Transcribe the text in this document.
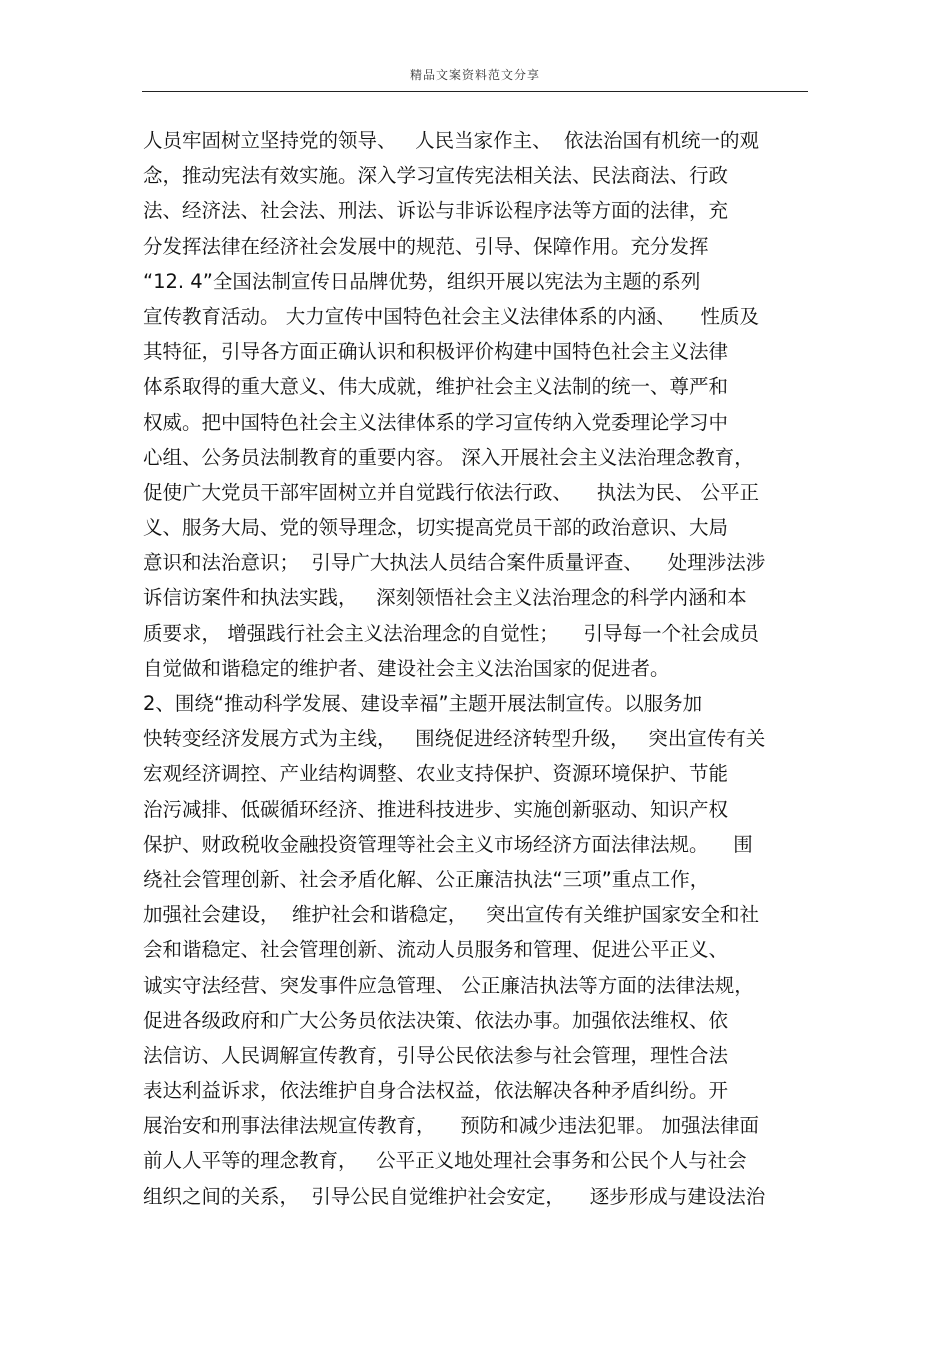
精品文案资料范文分享
人员牢固树立坚持党的领导、   人民当家作主、  依法治国有机统一的观
念，推动宪法有效实施。深入学习宣传宪法相关法、民法商法、行政
法、经济法、社会法、刑法、诉讼与非诉讼程序法等方面的法律，充
分发挥法律在经济社会发展中的规范、引导、保障作用。充分发挥
“12. 4”全国法制宣传日品牌优势，组织开展以宪法为主题的系列
宣传教育活动。 大力宣传中国特色社会主义法律体系的内涵、    性质及
其特征，引导各方面正确认识和积极评价构建中国特色社会主义法律
体系取得的重大意义、伟大成就，维护社会主义法制的统一、尊严和
权威。把中国特色社会主义法律体系的学习宣传纳入党委理论学习中
心组、公务员法制教育的重要内容。 深入开展社会主义法治理念教育，
促使广大党员干部牢固树立并自觉践行依法行政、    执法为民、 公平正
义、服务大局、党的领导理念，切实提高党员干部的政治意识、大局
意识和法治意识；  引导广大执法人员结合案件质量评查、    处理涉法涉
诉信访案件和执法实践，   深刻领悟社会主义法治理念的科学内涵和本
质要求， 增强践行社会主义法治理念的自觉性；    引导每一个社会成员
自觉做和谐稳定的维护者、建设社会主义法治国家的促进者。
2、围绕“推动科学发展、建设幸福”主题开展法制宣传。以服务加
快转变经济发展方式为主线，   围绕促进经济转型升级，   突出宣传有关
宏观经济调控、产业结构调整、农业支持保护、资源环境保护、节能
治污减排、低碳循环经济、推进科技进步、实施创新驱动、知识产权
保护、财政税收金融投资管理等社会主义市场经济方面法律法规。    围
绕社会管理创新、社会矛盾化解、公正廉洁执法“三项”重点工作，
加强社会建设，  维护社会和谐稳定，   突出宣传有关维护国家安全和社
会和谐稳定、社会管理创新、流动人员服务和管理、促进公平正义、
诚实守法经营、突发事件应急管理、 公正廉洁执法等方面的法律法规，
促进各级政府和广大公务员依法决策、依法办事。加强依法维权、依
法信访、人民调解宣传教育，引导公民依法参与社会管理，理性合法
表达利益诉求，依法维护自身合法权益，依法解决各种矛盾纠纷。开
展治安和刑事法律法规宣传教育，    预防和减少违法犯罪。 加强法律面
前人人平等的理念教育，   公平正义地处理社会事务和公民个人与社会
组织之间的关系，  引导公民自觉维护社会安定，    逐步形成与建设法治
